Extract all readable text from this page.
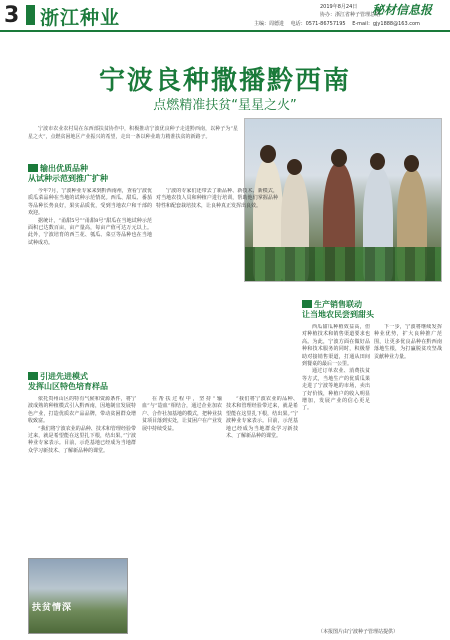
3 浙江种业	2019年8月24日 秘材信息报
协办：浙江省种子管理总站
主编：周德进 电话：0571-86757195 E-mail：gjy1888@163.com
宁波良种撒播黔西南
点燃精准扶贫“星星之火”
宁波市农业农村局在东西部扶贫协作中，积极推动宁波优良种子走进黔西南，以种子为“星星之火”，点燃贫困地区产业振兴的希望，走出一条以种业助力精准扶贫的新路子。
输出优质品种
从试种示范到推广扩种

今年7月，宁波种业专家来到黔西南州，查看宁波优质瓜菜品种在当地的试种示范情况。西瓜、甜瓜、番茄等品种长势良好，果实品质优，受到当地农户和干部的欢迎。

据统计，“甬甜5号”“甬甜8号”甜瓜在当地试种示范面积已达数百亩，亩产量高，每亩产值可达万元以上。此外，宁波培育的西兰花、瓠瓜、菜豆等品种也在当地试种成功。

宁波的专家们还带去了新品种、新技术、新模式，对当地农技人员和种植户进行培训，帮助他们掌握品种特性和配套栽培技术，让良种真正发挥出良效。

引进先进模式
发挥山区特色培育样品

依托贵州山区的特有气候和资源条件，将宁波成熟的种植模式引入黔西南，因地制宜发展特色产业，打造优质农产品品牌，带动贫困群众增收致富。

“我们将宁波农业的品种、技术和管理经验带过来，就是希望能在这里扎下根，结出果。”宁波种业专家表示。目前，示范基地已经成为当地群众学习新技术、了解新品种的课堂。

在帮扶过程中，坚持“输血”与“造血”相结合，通过企业加农户、合作社加基地的模式，把种业扶贫项目落到实处，让贫困户在产业发展中持续受益。

“我们将宁波农业的品种、技术和管理经验带过来，就是希望能在这里扎下根，结出果。”宁波种业专家表示。目前，示范基地已经成为当地群众学习新技术、了解新品种的课堂。

生产销售联动
让当地农民尝到甜头

西瓜甜瓜种植效益高，但对种植技术和销售渠道要求也高。为此，宁波方面在做好品种和技术服务的同时，积极帮助对接销售渠道，打通从田间到餐桌的最后一公里。

通过订单农业、消费扶贫等方式，当地生产的优质瓜果走进了宁波等地的市场，卖出了好价钱，种植户的收入明显增加，发展产业的信心更足了。

下一步，宁波将继续发挥种业优势，扩大良种推广范围，让更多优良品种在黔西南落地生根，为打赢脱贫攻坚战贡献种业力量。

扶贫情深
（本报图片由宁波种子管理站提供）
